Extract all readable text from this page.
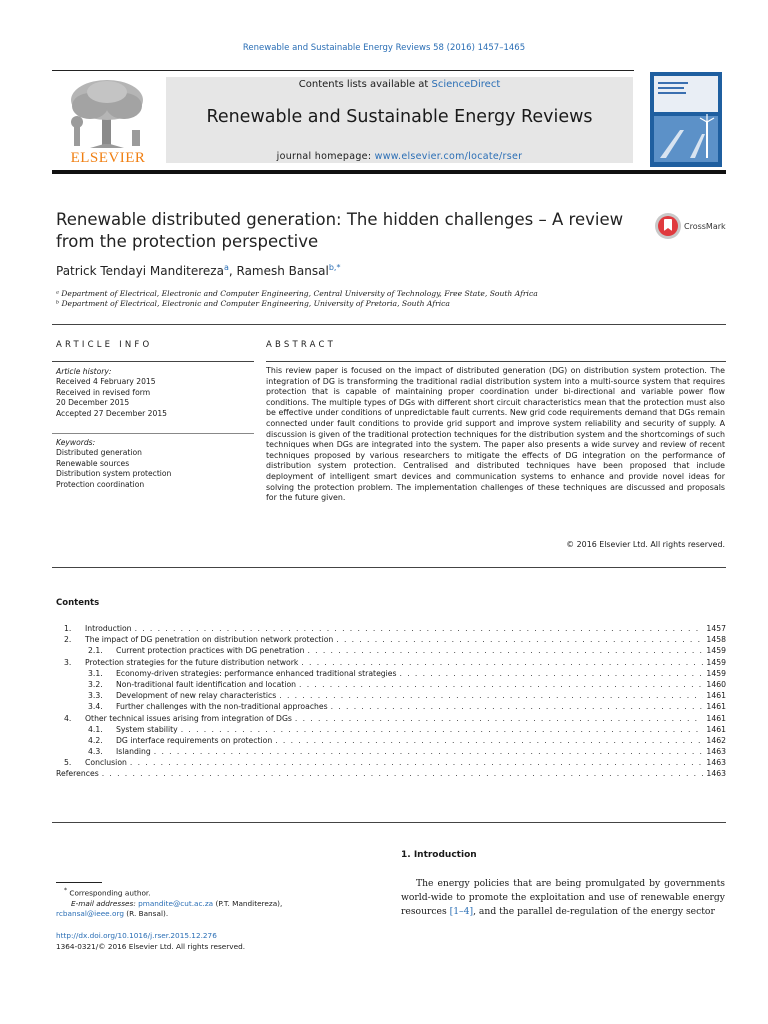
Renewable and Sustainable Energy Reviews 58 (2016) 1457–1465
ELSEVIER
Contents lists available at ScienceDirect
Renewable and Sustainable Energy Reviews
journal homepage: www.elsevier.com/locate/rser
Renewable distributed generation: The hidden challenges – A review from the protection perspective
CrossMark
Patrick Tendayi Manditereza$^a$, Ramesh Bansal$^{b,*}$
ᵃ Department of Electrical, Electronic and Computer Engineering, Central University of Technology, Free State, South Africa
ᵇ Department of Electrical, Electronic and Computer Engineering, University of Pretoria, South Africa
ARTICLE INFO	ABSTRACT
Article history:
Received 4 February 2015
Received in revised form
20 December 2015
Accepted 27 December 2015
Keywords:
Distributed generation
Renewable sources
Distribution system protection
Protection coordination
This review paper is focused on the impact of distributed generation (DG) on distribution system protection. The integration of DG is transforming the traditional radial distribution system into a multi-source system that requires protection that is capable of maintaining proper coordination under bi-directional and variable power flow conditions. The multiple types of DGs with different short circuit characteristics mean that the protection must also be effective under conditions of unpredictable fault currents. New grid code requirements demand that DGs remain connected under fault conditions to provide grid support and improve system reliability and security of supply. A discussion is given of the traditional protection techniques for the distribution system and the shortcomings of such techniques when DGs are integrated into the system. The paper also presents a wide survey and review of recent techniques proposed by various researchers to mitigate the effects of DG integration on the performance of distribution system protection. Centralised and distributed techniques have been proposed that include deployment of intelligent smart devices and communication systems to enhance and provide novel ideas for solving the protection problem. The implementation challenges of these techniques are discussed and proposals for the future given.
© 2016 Elsevier Ltd. All rights reserved.
Contents
1.	Introduction . . .	1457
2.	The impact of DG penetration on distribution network protection . . .	1458
2.1.	Current protection practices with DG penetration . . .	1459
3.	Protection strategies for the future distribution network . . .	1459
3.1.	Economy-driven strategies: performance enhanced traditional strategies . . .	1459
3.2.	Non-traditional fault identification and location . . .	1460
3.3.	Development of new relay characteristics . . .	1461
3.4.	Further challenges with the non-traditional approaches . . .	1461
4.	Other technical issues arising from integration of DGs . . .	1461
4.1.	System stability . . .	1461
4.2.	DG interface requirements on protection . . .	1462
4.3.	Islanding . . .	1463
5.	Conclusion . . .	1463
References . . .	1463
* Corresponding author.
E-mail addresses: pmandite@cut.ac.za (P.T. Manditereza),
rcbansal@ieee.org (R. Bansal).
http://dx.doi.org/10.1016/j.rser.2015.12.276
1364-0321/© 2016 Elsevier Ltd. All rights reserved.
1. Introduction
The energy policies that are being promulgated by governments world-wide to promote the exploitation and use of renewable energy resources [1–4], and the parallel de-regulation of the energy sector
